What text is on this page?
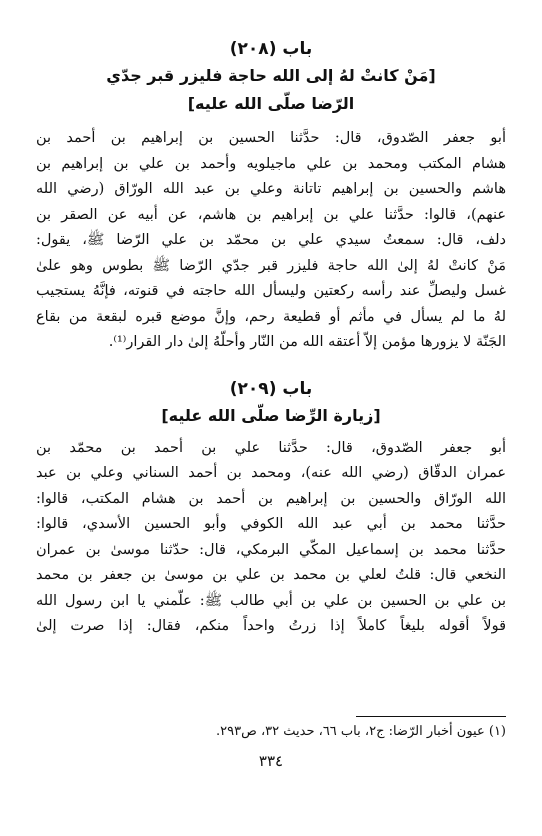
باب (٢٠٨)
[مَنْ كانتْ لهُ إلى الله حاجة فليزر قبر جدّي
الرّضا صلّى الله عليه]

أبو جعفر الصّدوق، قال: حدَّثنا الحسين بن إبراهيم بن أحمد بن
هشام المكتب ومحمد بن علي ماجيلويه وأحمد بن علي بن إبراهيم بن
هاشم والحسين بن إبراهيم تاتانة وعلي بن عبد الله الورّاق (رضي الله
عنهم)، قالوا: حدَّثنا علي بن إبراهيم بن هاشم، عن أبيه عن الصقر بن
دلف، قال: سمعتُ سيدي علي بن محمّد بن علي الرّضا ﷺ، يقول:
مَنْ كانتْ لهُ إلىٰ الله حاجة فليزر قبر جدّي الرّضا ﷺ بطوس وهو علىٰ
غسل وليصلِّ عند رأسه ركعتين وليسأل الله حاجته في قنوته، فإنَّهُ يستجيب
لهُ ما لم يسأل في مأثم أو قطيعة رحم، وإنَّ موضع قبره لبقعة من بقاع
الجَنّة لا يزورها مؤمن إلاّ أعتقه الله من النّار وأحلّهُ إلىٰ دار القرار⁽¹⁾.

باب (٢٠٩)
[زيارة الرِّضا صلّى الله عليه]

أبو جعفر الصّدوق، قال: حدَّثنا علي بن أحمد بن محمّد بن
عمران الدقّاق (رضي الله عنه)، ومحمد بن أحمد السناني وعلي بن عبد
الله الورّاق والحسين بن إبراهيم بن أحمد بن هشام المكتب، قالوا:
حدَّثنا محمد بن أبي عبد الله الكوفي وأبو الحسين الأسدي، قالوا:
حدَّثنا محمد بن إسماعيل المكّي البرمكي، قال: حدّثنا موسىٰ بن عمران
النخعي قال: قلتُ لعلي بن محمد بن علي بن موسىٰ بن جعفر بن محمد
بن علي بن الحسين بن علي بن أبي طالب ﷺ: علّمني يا ابن رسول الله
قولاً أقوله بليغاً كاملاً إذا زرتُ واحداً منكم، فقال: إذا صرت إلىٰ

(١) عيون أخبار الرّضا: ج٢، باب ٦٦، حديث ٣٢، ص٢٩٣.

٣٣٤
